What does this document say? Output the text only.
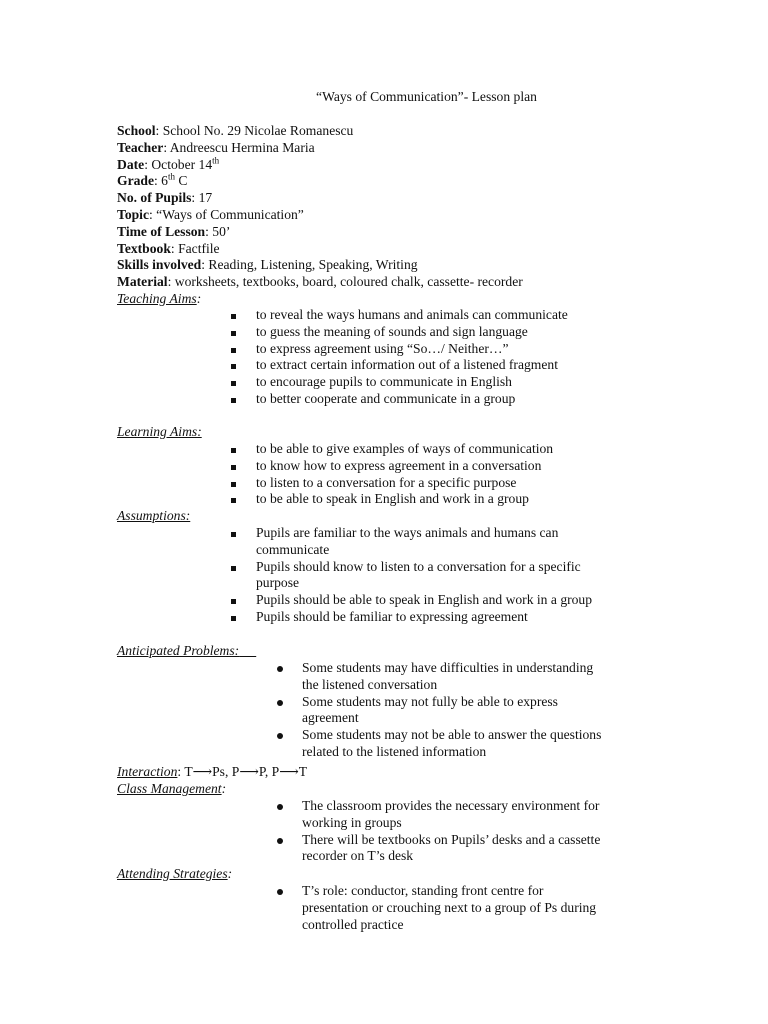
“Ways of Communication”- Lesson plan
School: School No. 29 Nicolae Romanescu
Teacher: Andreescu Hermina Maria
Date: October 14th
Grade: 6th C
No. of Pupils: 17
Topic: “Ways of Communication”
Time of Lesson: 50’
Textbook: Factfile
Skills involved: Reading, Listening, Speaking, Writing
Material: worksheets, textbooks, board, coloured chalk, cassette- recorder
Teaching Aims:
to reveal the ways humans and animals can communicate
to guess the meaning of sounds and sign language
to express agreement using “So…/ Neither…”
to extract certain information out of a listened fragment
to encourage pupils to communicate in English
to better cooperate and communicate in a group
Learning Aims:
to be able to give examples of ways of communication
to know how to express agreement in a conversation
to listen to a conversation for a specific purpose
to be able to speak in English and work in a group
Assumptions:
Pupils are familiar to the ways animals and humans can
communicate
Pupils should know to listen to a conversation for a specific
purpose
Pupils should be able to speak in English and work in a group
Pupils should be familiar to expressing agreement
Anticipated Problems:
Some students may have difficulties in understanding
the listened conversation
Some students may not fully be able to express
agreement
Some students may not be able to answer the questions
related to the listened information
Interaction: T⟶Ps, P⟶P, P⟶T
Class Management:
The classroom provides the necessary environment for
working in groups
There will be textbooks on Pupils’ desks and a cassette
recorder on T’s desk
Attending Strategies:
T’s role: conductor, standing front centre for
presentation or crouching next to a group of Ps during
controlled practice
